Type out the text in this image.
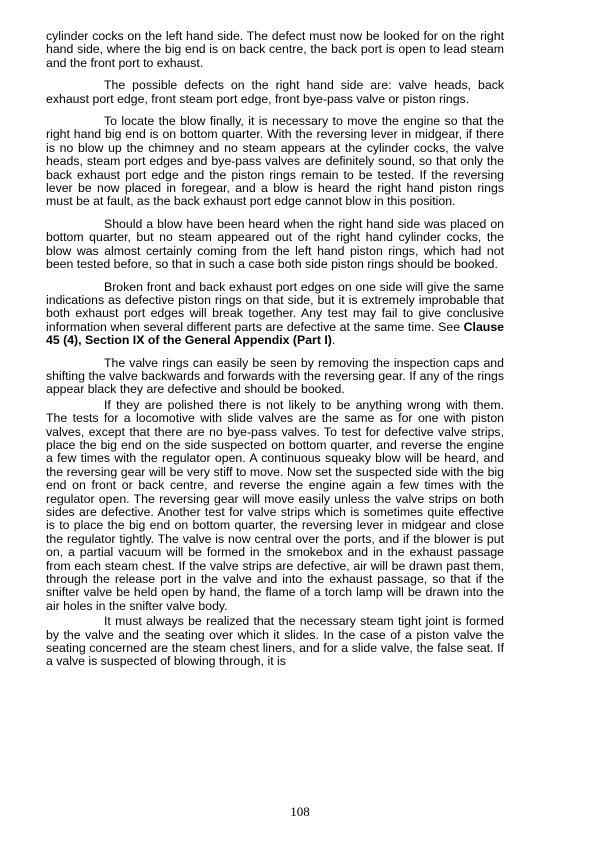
cylinder cocks on the left hand side. The defect must now be looked for on the right hand side, where the big end is on back centre, the back port is open to lead steam and the front port to exhaust.

The possible defects on the right hand side are: valve heads, back exhaust port edge, front steam port edge, front bye-pass valve or piston rings.

To locate the blow finally, it is necessary to move the engine so that the right hand big end is on bottom quarter. With the reversing lever in midgear, if there is no blow up the chimney and no steam appears at the cylinder cocks, the valve heads, steam port edges and bye-pass valves are definitely sound, so that only the back exhaust port edge and the piston rings remain to be tested. If the reversing lever be now placed in foregear, and a blow is heard the right hand piston rings must be at fault, as the back exhaust port edge cannot blow in this position.

Should a blow have been heard when the right hand side was placed on bottom quarter, but no steam appeared out of the right hand cylinder cocks, the blow was almost certainly coming from the left hand piston rings, which had not been tested before, so that in such a case both side piston rings should be booked.

Broken front and back exhaust port edges on one side will give the same indications as defective piston rings on that side, but it is extremely improbable that both exhaust port edges will break together. Any test may fail to give conclusive information when several different parts are defective at the same time. See Clause 45 (4), Section IX of the General Appendix (Part I).

The valve rings can easily be seen by removing the inspection caps and shifting the valve backwards and forwards with the reversing gear. If any of the rings appear black they are defective and should be booked.

If they are polished there is not likely to be anything wrong with them. The tests for a locomotive with slide valves are the same as for one with piston valves, except that there are no bye-pass valves. To test for defective valve strips, place the big end on the side suspected on bottom quarter, and reverse the engine a few times with the regulator open. A continuous squeaky blow will be heard, and the reversing gear will be very stiff to move. Now set the suspected side with the big end on front or back centre, and reverse the engine again a few times with the regulator open. The reversing gear will move easily unless the valve strips on both sides are defective. Another test for valve strips which is sometimes quite effective is to place the big end on bottom quarter, the reversing lever in midgear and close the regulator tightly. The valve is now central over the ports, and if the blower is put on, a partial vacuum will be formed in the smokebox and in the exhaust passage from each steam chest. If the valve strips are defective, air will be drawn past them, through the release port in the valve and into the exhaust passage, so that if the snifter valve be held open by hand, the flame of a torch lamp will be drawn into the air holes in the snifter valve body.

It must always be realized that the necessary steam tight joint is formed by the valve and the seating over which it slides. In the case of a piston valve the seating concerned are the steam chest liners, and for a slide valve, the false seat. If a valve is suspected of blowing through, it is

108
